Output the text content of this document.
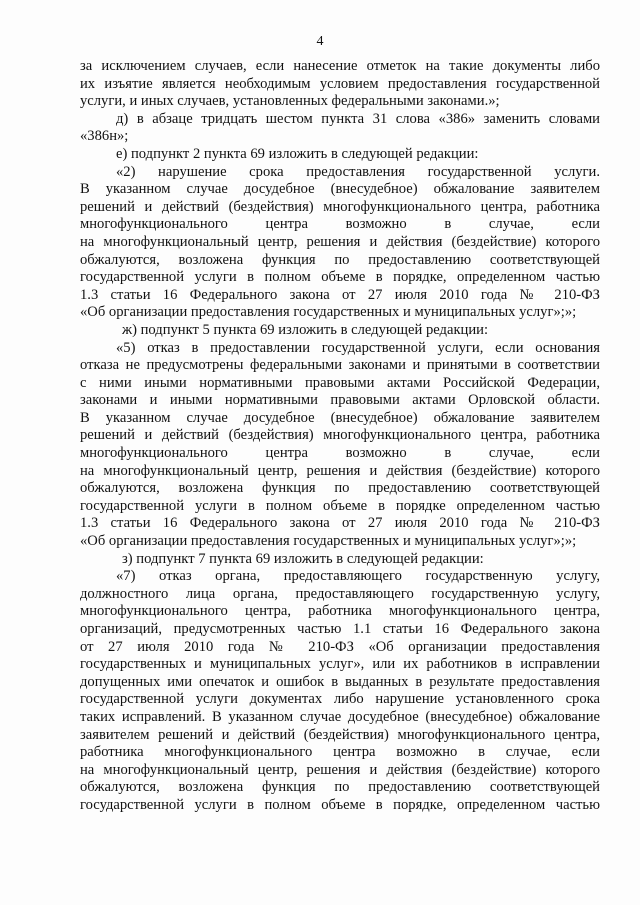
4
за исключением случаев, если нанесение отметок на такие документы либо
их изъятие является необходимым условием предоставления государственной
услуги, и иных случаев, установленных федеральными законами.»;
д) в абзаце тридцать шестом пункта 31 слова «386» заменить словами
«386н»;
е) подпункт 2 пункта 69 изложить в следующей редакции:
«2) нарушение срока предоставления государственной услуги.
В указанном случае досудебное (внесудебное) обжалование заявителем
решений и действий (бездействия) многофункционального центра, работника
многофункционального центра возможно в случае, если
на многофункциональный центр, решения и действия (бездействие) которого
обжалуются, возложена функция по предоставлению соответствующей
государственной услуги в полном объеме в порядке, определенном частью
1.3 статьи 16 Федерального закона от 27 июля 2010 года № 210-ФЗ
«Об организации предоставления государственных и муниципальных услуг»;»;
ж) подпункт 5 пункта 69 изложить в следующей редакции:
«5) отказ в предоставлении государственной услуги, если основания
отказа не предусмотрены федеральными законами и принятыми в соответствии
с ними иными нормативными правовыми актами Российской Федерации,
законами и иными нормативными правовыми актами Орловской области.
В указанном случае досудебное (внесудебное) обжалование заявителем
решений и действий (бездействия) многофункционального центра, работника
многофункционального центра возможно в случае, если
на многофункциональный центр, решения и действия (бездействие) которого
обжалуются, возложена функция по предоставлению соответствующей
государственной услуги в полном объеме в порядке определенном частью
1.3 статьи 16 Федерального закона от 27 июля 2010 года № 210-ФЗ
«Об организации предоставления государственных и муниципальных услуг»;»;
з) подпункт 7 пункта 69 изложить в следующей редакции:
«7) отказ органа, предоставляющего государственную услугу,
должностного лица органа, предоставляющего государственную услугу,
многофункционального центра, работника многофункционального центра,
организаций, предусмотренных частью 1.1 статьи 16 Федерального закона
от 27 июля 2010 года № 210-ФЗ «Об организации предоставления
государственных и муниципальных услуг», или их работников в исправлении
допущенных ими опечаток и ошибок в выданных в результате предоставления
государственной услуги документах либо нарушение установленного срока
таких исправлений. В указанном случае досудебное (внесудебное) обжалование
заявителем решений и действий (бездействия) многофункционального центра,
работника многофункционального центра возможно в случае, если
на многофункциональный центр, решения и действия (бездействие) которого
обжалуются, возложена функция по предоставлению соответствующей
государственной услуги в полном объеме в порядке, определенном частью
